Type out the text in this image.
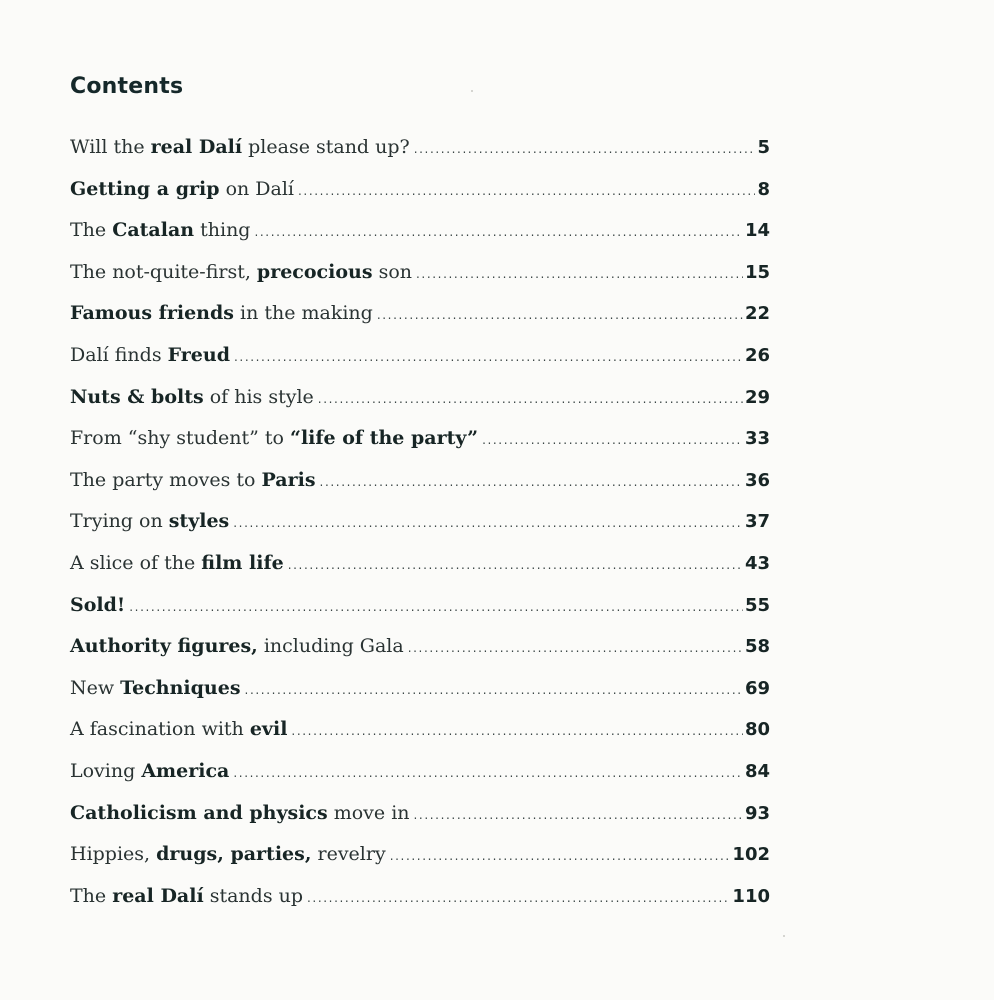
Contents
Will the real Dalí please stand up? .....	5
Getting a grip on Dalí .....	8
The Catalan thing .....	14
The not-quite-first, precocious son .....	15
Famous friends in the making .....	22
Dalí finds Freud .....	26
Nuts & bolts of his style .....	29
From “shy student” to “life of the party” .....	33
The party moves to Paris .....	36
Trying on styles .....	37
A slice of the film life .....	43
Sold! .....	55
Authority figures, including Gala .....	58
New Techniques .....	69
A fascination with evil .....	80
Loving America .....	84
Catholicism and physics move in .....	93
Hippies, drugs, parties, revelry .....	102
The real Dalí stands up .....	110
